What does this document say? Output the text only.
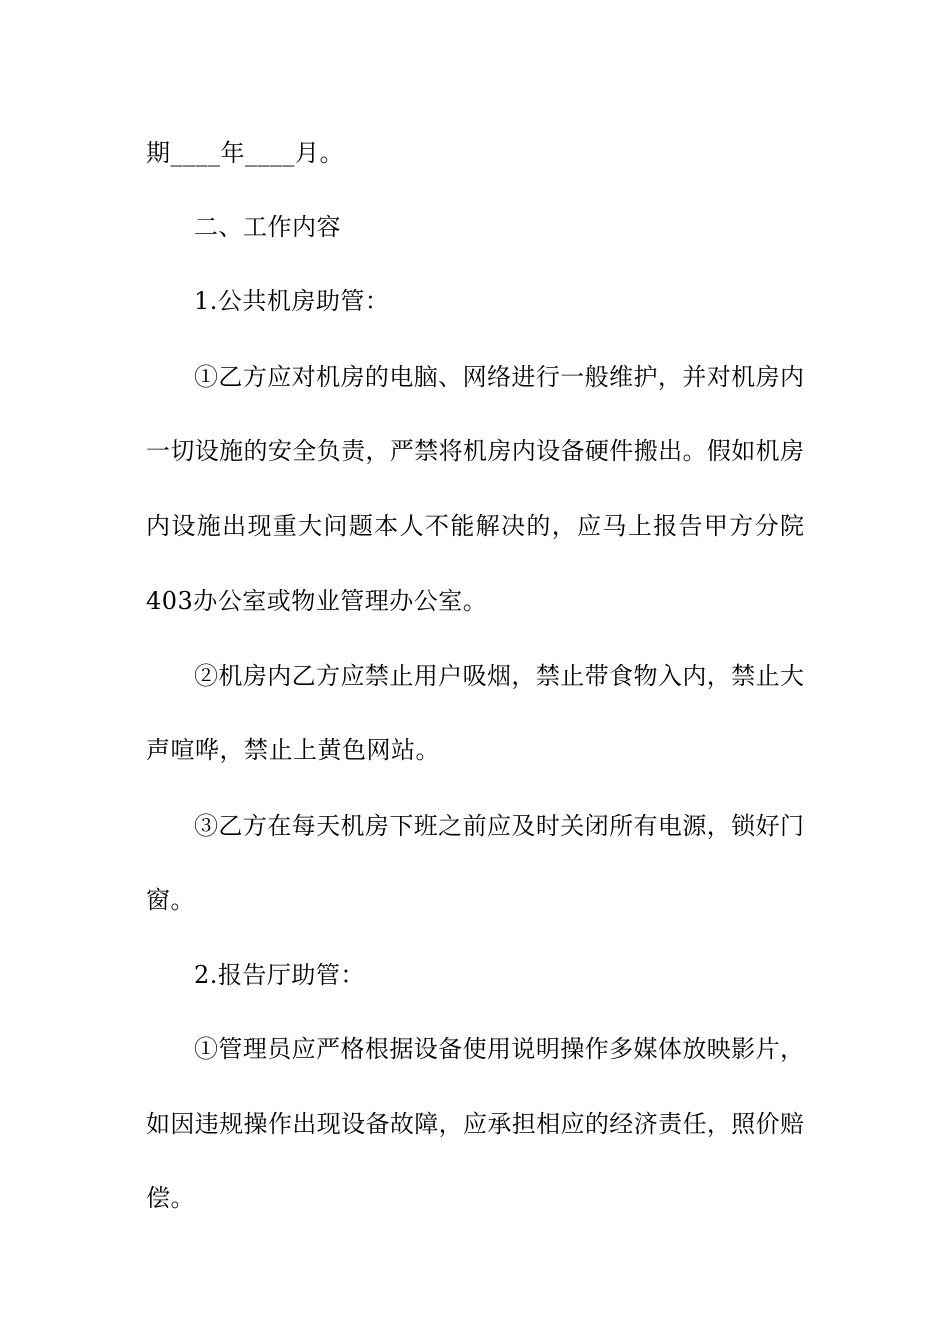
期____年____月。
二、工作内容
1.公共机房助管：
①乙方应对机房的电脑、网络进行一般维护，并对机房内
一切设施的安全负责，严禁将机房内设备硬件搬出。假如机房
内设施出现重大问题本人不能解决的，应马上报告甲方分院
403办公室或物业管理办公室。
②机房内乙方应禁止用户吸烟，禁止带食物入内，禁止大
声喧哗，禁止上黄色网站。
③乙方在每天机房下班之前应及时关闭所有电源，锁好门
窗。
2.报告厅助管：
①管理员应严格根据设备使用说明操作多媒体放映影片，
如因违规操作出现设备故障，应承担相应的经济责任，照价赔
偿。
